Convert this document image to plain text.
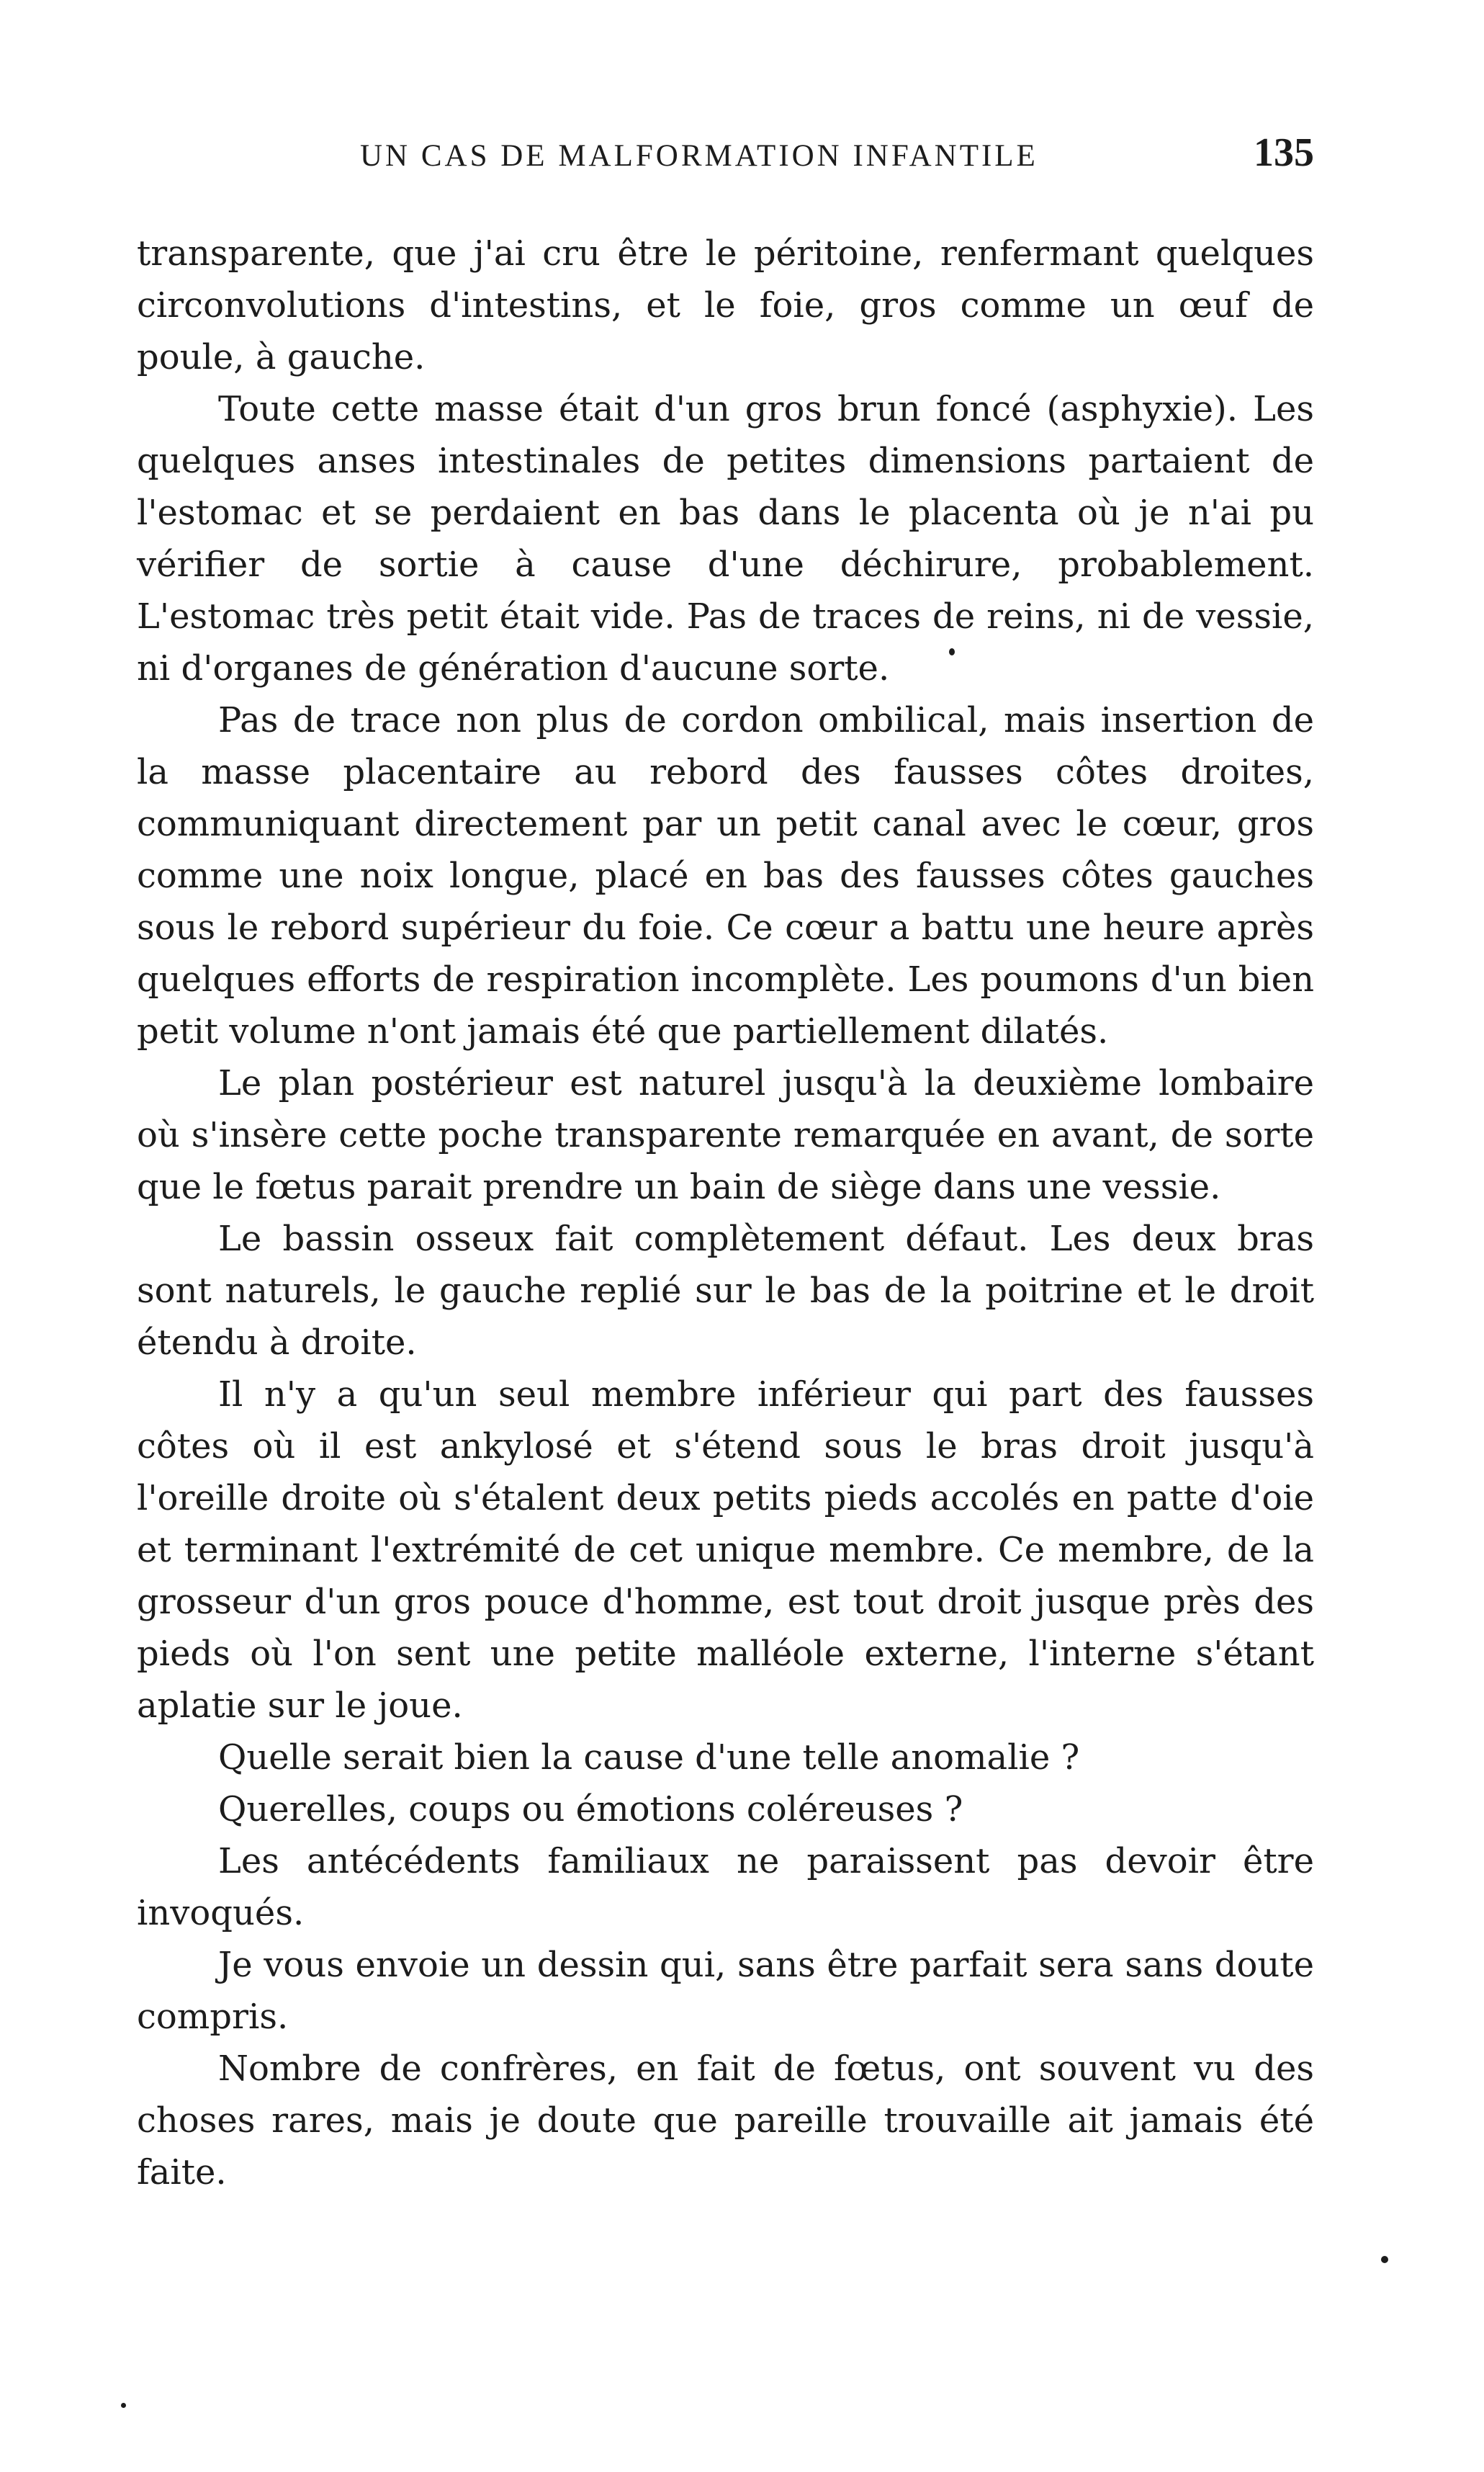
UN CAS DE MALFORMATION INFANTILE	135

transparente, que j'ai cru être le péritoine, renfermant quelques circonvolutions d'intestins, et le foie, gros comme un œuf de poule, à gauche.

Toute cette masse était d'un gros brun foncé (asphyxie). Les quelques anses intestinales de petites dimensions partaient de l'estomac et se perdaient en bas dans le placenta où je n'ai pu vérifier de sortie à cause d'une déchirure, probablement. L'estomac très petit était vide. Pas de traces de reins, ni de vessie, ni d'organes de génération d'aucune sorte.

Pas de trace non plus de cordon ombilical, mais insertion de la masse placentaire au rebord des fausses côtes droites, communiquant directement par un petit canal avec le cœur, gros comme une noix longue, placé en bas des fausses côtes gauches sous le rebord supérieur du foie. Ce cœur a battu une heure après quelques efforts de respiration incomplète. Les poumons d'un bien petit volume n'ont jamais été que partiellement dilatés.

Le plan postérieur est naturel jusqu'à la deuxième lombaire où s'insère cette poche transparente remarquée en avant, de sorte que le fœtus parait prendre un bain de siège dans une vessie.

Le bassin osseux fait complètement défaut. Les deux bras sont naturels, le gauche replié sur le bas de la poitrine et le droit étendu à droite.

Il n'y a qu'un seul membre inférieur qui part des fausses côtes où il est ankylosé et s'étend sous le bras droit jusqu'à l'oreille droite où s'étalent deux petits pieds accolés en patte d'oie et terminant l'extrémité de cet unique membre. Ce membre, de la grosseur d'un gros pouce d'homme, est tout droit jusque près des pieds où l'on sent une petite malléole externe, l'interne s'étant aplatie sur le joue.

Quelle serait bien la cause d'une telle anomalie ?

Querelles, coups ou émotions coléreuses ?

Les antécédents familiaux ne paraissent pas devoir être invoqués.

Je vous envoie un dessin qui, sans être parfait sera sans doute compris.

Nombre de confrères, en fait de fœtus, ont souvent vu des choses rares, mais je doute que pareille trouvaille ait jamais été faite.
